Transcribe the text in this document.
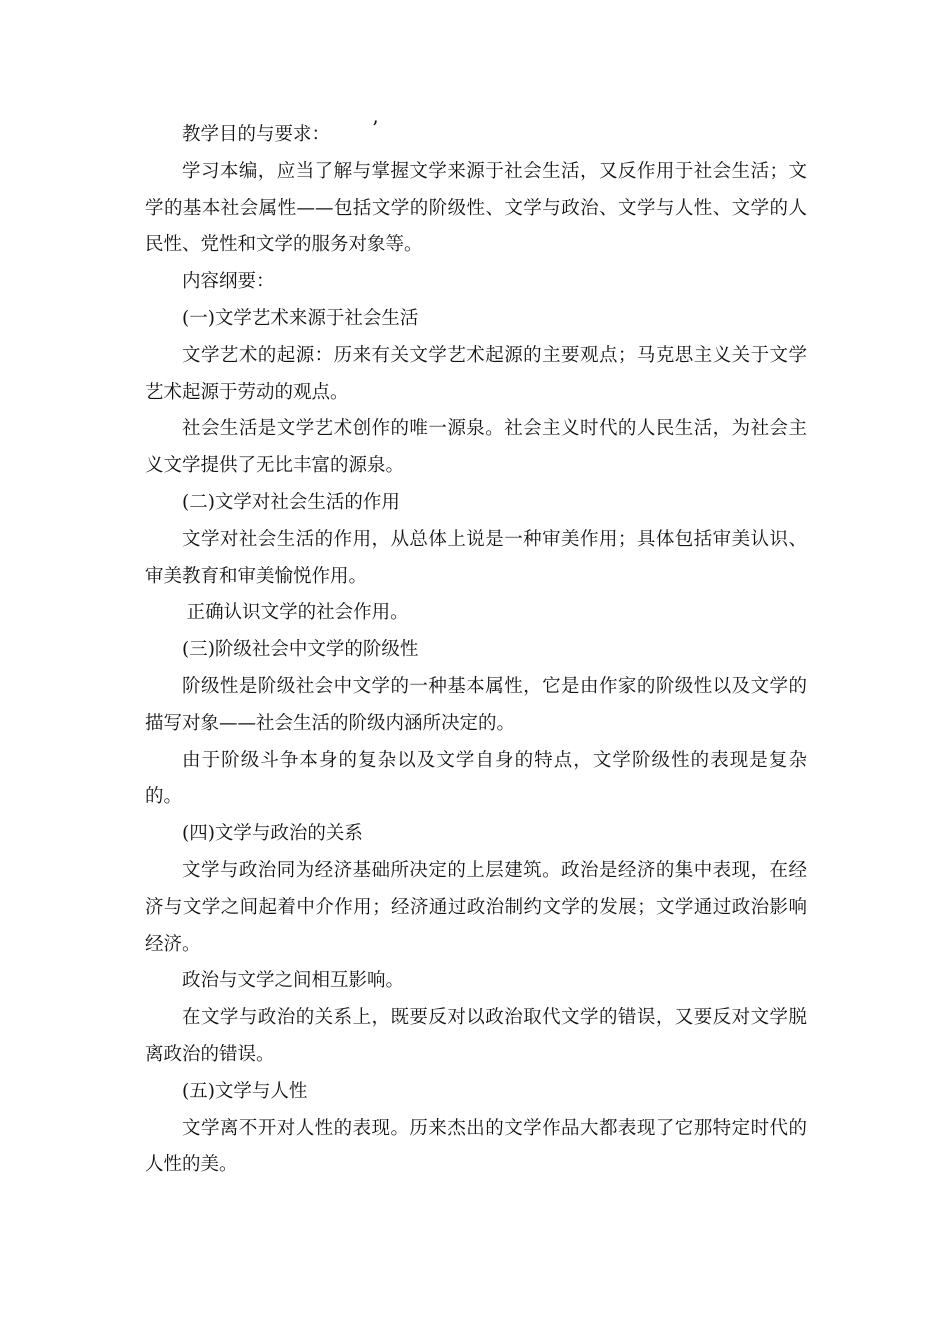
’

教学目的与要求：

学习本编，应当了解与掌握文学来源于社会生活，又反作用于社会生活；文学的基本社会属性——包括文学的阶级性、文学与政治、文学与人性、文学的人民性、党性和文学的服务对象等。

内容纲要：

(一)文学艺术来源于社会生活

文学艺术的起源：历来有关文学艺术起源的主要观点；马克思主义关于文学艺术起源于劳动的观点。

社会生活是文学艺术创作的唯一源泉。社会主义时代的人民生活，为社会主义文学提供了无比丰富的源泉。

(二)文学对社会生活的作用

文学对社会生活的作用，从总体上说是一种审美作用；具体包括审美认识、审美教育和审美愉悦作用。

正确认识文学的社会作用。

(三)阶级社会中文学的阶级性

阶级性是阶级社会中文学的一种基本属性，它是由作家的阶级性以及文学的描写对象——社会生活的阶级内涵所决定的。

由于阶级斗争本身的复杂以及文学自身的特点，文学阶级性的表现是复杂的。

(四)文学与政治的关系

文学与政治同为经济基础所决定的上层建筑。政治是经济的集中表现，在经济与文学之间起着中介作用；经济通过政治制约文学的发展；文学通过政治影响经济。

政治与文学之间相互影响。

在文学与政治的关系上，既要反对以政治取代文学的错误，又要反对文学脱离政治的错误。

(五)文学与人性

文学离不开对人性的表现。历来杰出的文学作品大都表现了它那特定时代的人性的美。
